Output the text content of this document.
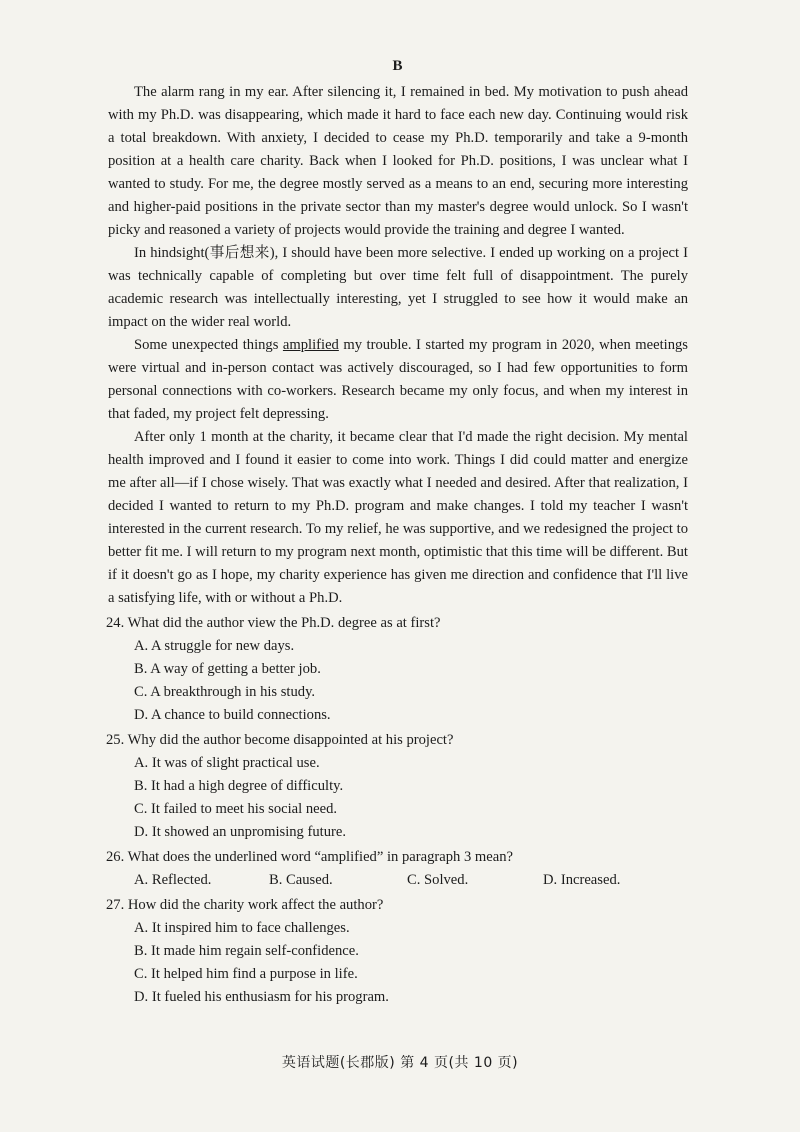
B

The alarm rang in my ear. After silencing it, I remained in bed. My motivation to push ahead with my Ph.D. was disappearing, which made it hard to face each new day. Continuing would risk a total breakdown. With anxiety, I decided to cease my Ph.D. temporarily and take a 9-month position at a health care charity. Back when I looked for Ph.D. positions, I was unclear what I wanted to study. For me, the degree mostly served as a means to an end, securing more interesting and higher-paid positions in the private sector than my master's degree would unlock. So I wasn't picky and reasoned a variety of projects would provide the training and degree I wanted.

In hindsight(事后想来), I should have been more selective. I ended up working on a project I was technically capable of completing but over time felt full of disappointment. The purely academic research was intellectually interesting, yet I struggled to see how it would make an impact on the wider real world.

Some unexpected things amplified my trouble. I started my program in 2020, when meetings were virtual and in-person contact was actively discouraged, so I had few opportunities to form personal connections with co-workers. Research became my only focus, and when my interest in that faded, my project felt depressing.

After only 1 month at the charity, it became clear that I'd made the right decision. My mental health improved and I found it easier to come into work. Things I did could matter and energize me after all—if I chose wisely. That was exactly what I needed and desired. After that realization, I decided I wanted to return to my Ph.D. program and make changes. I told my teacher I wasn't interested in the current research. To my relief, he was supportive, and we redesigned the project to better fit me. I will return to my program next month, optimistic that this time will be different. But if it doesn't go as I hope, my charity experience has given me direction and confidence that I'll live a satisfying life, with or without a Ph.D.

24. What did the author view the Ph.D. degree as at first?

A. A struggle for new days.

B. A way of getting a better job.

C. A breakthrough in his study.

D. A chance to build connections.

25. Why did the author become disappointed at his project?

A. It was of slight practical use.

B. It had a high degree of difficulty.

C. It failed to meet his social need.

D. It showed an unpromising future.

26. What does the underlined word “amplified” in paragraph 3 mean?

A. Reflected.	B. Caused.	C. Solved.	D. Increased.

27. How did the charity work affect the author?

A. It inspired him to face challenges.

B. It made him regain self-confidence.

C. It helped him find a purpose in life.

D. It fueled his enthusiasm for his program.

英语试题(长郡版) 第 4 页(共 10 页)
